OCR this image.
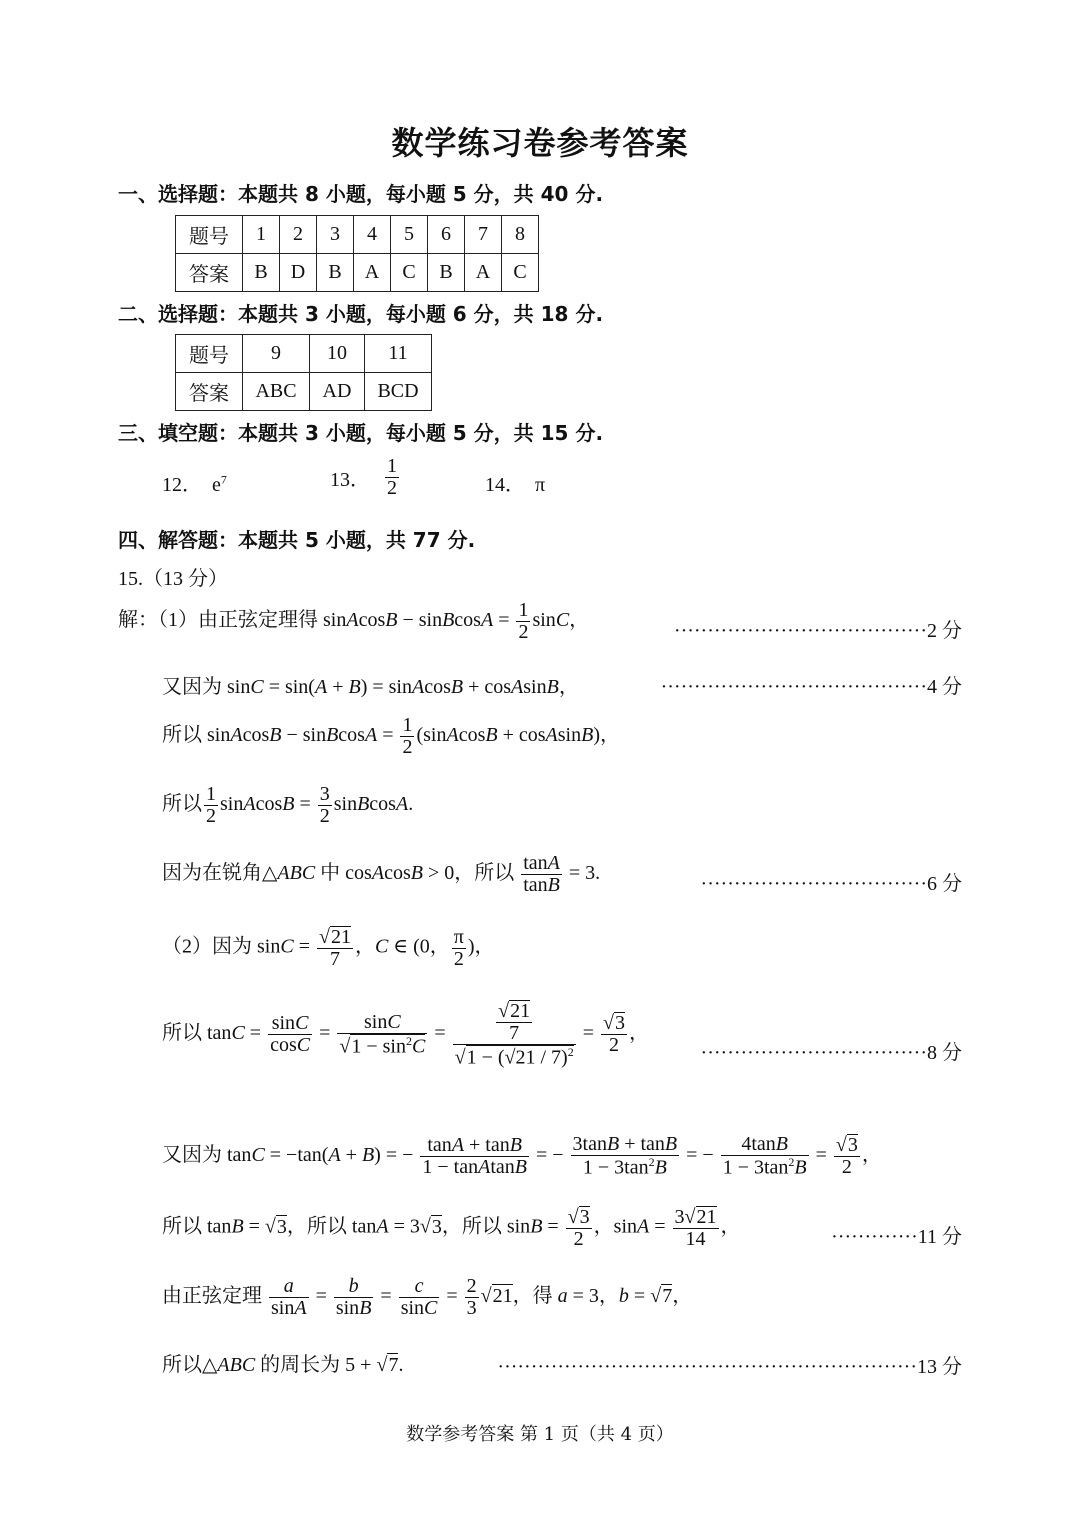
数学练习卷参考答案
一、选择题：本题共 8 小题，每小题 5 分，共 40 分.
题号	1	2	3	4	5	6	7	8
答案	B	D	B	A	C	B	A	C
二、选择题：本题共 3 小题，每小题 6 分，共 18 分.
题号	9	10	11
答案	ABC	AD	BCD
三、填空题：本题共 3 小题，每小题 5 分，共 15 分.
12． $e^7$	13． $\frac{1}{2}$	14． π
四、解答题：本题共 5 小题，共 77 分.
15.（13 分）
解：（1）由正弦定理得 sinAcosB − sinBcosA = $\frac{1}{2}$ sinC，	······································2 分
又因为 sinC = sin(A + B) = sinAcosB + cosAsinB，	········································4 分
所以 sinAcosB − sinBcosA = $\frac{1}{2}$ (sinAcosB + cosAsinB)，
所以 $\frac{1}{2}$ sinAcosB = $\frac{3}{2}$ sinBcosA.
因为在锐角△ABC 中 cosAcosB > 0，所以 $\frac{\tan A}{\tan B} = 3$.	··································6 分
（2）因为 $\sin C = \frac{√21}{7}$ ，C ∈ (0， $\frac{\pi}{2}$ )，
所以 $\tan C = \frac{\sin C}{\cos C} = \frac{\sin C}{√1 - \sin^2C} = \frac{\frac{√21}{7}}{√1 - (√21 / 7)^2} = \frac{√3}{2}$ ，
··································8 分
又因为 tanC = −tan(A + B) = − $\frac{\tan A + \tan B}{\text{1 − tanAtanB}}$ = − $\frac{3\tan B + \tan B}{1 - 3\tan^2B}$ = − $\frac{4\tan B}{1 - 3\tan^2B} = \frac{√3}{2}$ ，
所以 tanB = √3，所以 tanA = 3√3，所以 $\sin B = \frac{√3}{2}$ ，$\sin A = \frac{3√21}{14}$ ，	·············11 分
由正弦定理 $\frac{a}{\sin A} = \frac{b}{\sin B} = \frac{c}{\sin C} = \frac{2}{3} √21$，得 a = 3，b = √7，
所以△ABC 的周长为 5 + √7.	·······························································13 分
数学参考答案 第 1 页（共 4 页）
